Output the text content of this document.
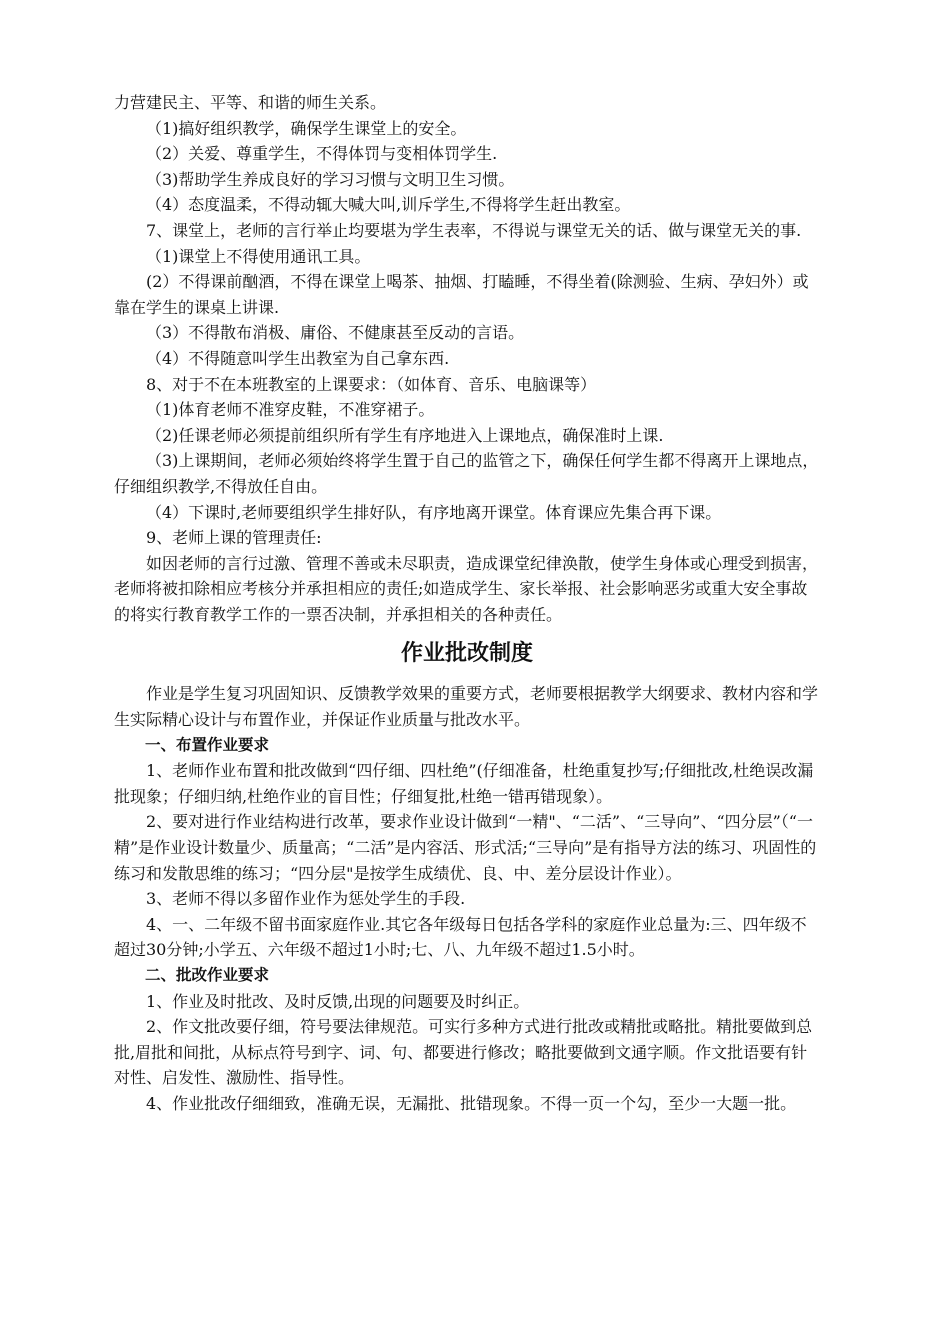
力营建民主、平等、和谐的师生关系。

（1)搞好组织教学，确保学生课堂上的安全。

（2）关爱、尊重学生，不得体罚与变相体罚学生.

（3)帮助学生养成良好的学习习惯与文明卫生习惯。

（4）态度温柔，不得动辄大喊大叫,训斥学生,不得将学生赶出教室。

7、课堂上，老师的言行举止均要堪为学生表率，不得说与课堂无关的话、做与课堂无关的事.

（1)课堂上不得使用通讯工具。

(2）不得课前酗酒，不得在课堂上喝茶、抽烟、打瞌睡，不得坐着(除测验、生病、孕妇外）或靠在学生的课桌上讲课.

（3）不得散布消极、庸俗、不健康甚至反动的言语。

（4）不得随意叫学生出教室为自己拿东西.

8、对于不在本班教室的上课要求：（如体育、音乐、电脑课等）

（1)体育老师不准穿皮鞋，不准穿裙子。

（2)任课老师必须提前组织所有学生有序地进入上课地点，确保准时上课.

（3)上课期间，老师必须始终将学生置于自己的监管之下，确保任何学生都不得离开上课地点，仔细组织教学,不得放任自由。

（4）下课时,老师要组织学生排好队，有序地离开课堂。体育课应先集合再下课。

9、老师上课的管理责任:

如因老师的言行过激、管理不善或未尽职责，造成课堂纪律涣散，使学生身体或心理受到损害，老师将被扣除相应考核分并承担相应的责任;如造成学生、家长举报、社会影响恶劣或重大安全事故的将实行教育教学工作的一票否决制，并承担相关的各种责任。

作业批改制度

作业是学生复习巩固知识、反馈教学效果的重要方式，老师要根据教学大纲要求、教材内容和学生实际精心设计与布置作业，并保证作业质量与批改水平。

一、布置作业要求

1、老师作业布置和批改做到“四仔细、四杜绝”(仔细准备，杜绝重复抄写;仔细批改,杜绝误改漏批现象；仔细归纳,杜绝作业的盲目性；仔细复批,杜绝一错再错现象）。

2、要对进行作业结构进行改革，要求作业设计做到“一精"、“二活”、“三导向”、“四分层”（“一精”是作业设计数量少、质量高；“二活”是内容活、形式活;“三导向”是有指导方法的练习、巩固性的练习和发散思维的练习；“四分层"是按学生成绩优、良、中、差分层设计作业）。

3、老师不得以多留作业作为惩处学生的手段.

4、一、二年级不留书面家庭作业.其它各年级每日包括各学科的家庭作业总量为:三、四年级不超过30分钟;小学五、六年级不超过1小时;七、八、九年级不超过1.5小时。

二、批改作业要求

1、作业及时批改、及时反馈,出现的问题要及时纠正。

2、作文批改要仔细，符号要法律规范。可实行多种方式进行批改或精批或略批。精批要做到总批,眉批和间批，从标点符号到字、词、句、都要进行修改；略批要做到文通字顺。作文批语要有针对性、启发性、激励性、指导性。

4、作业批改仔细细致，准确无误，无漏批、批错现象。不得一页一个勾，至少一大题一批。
